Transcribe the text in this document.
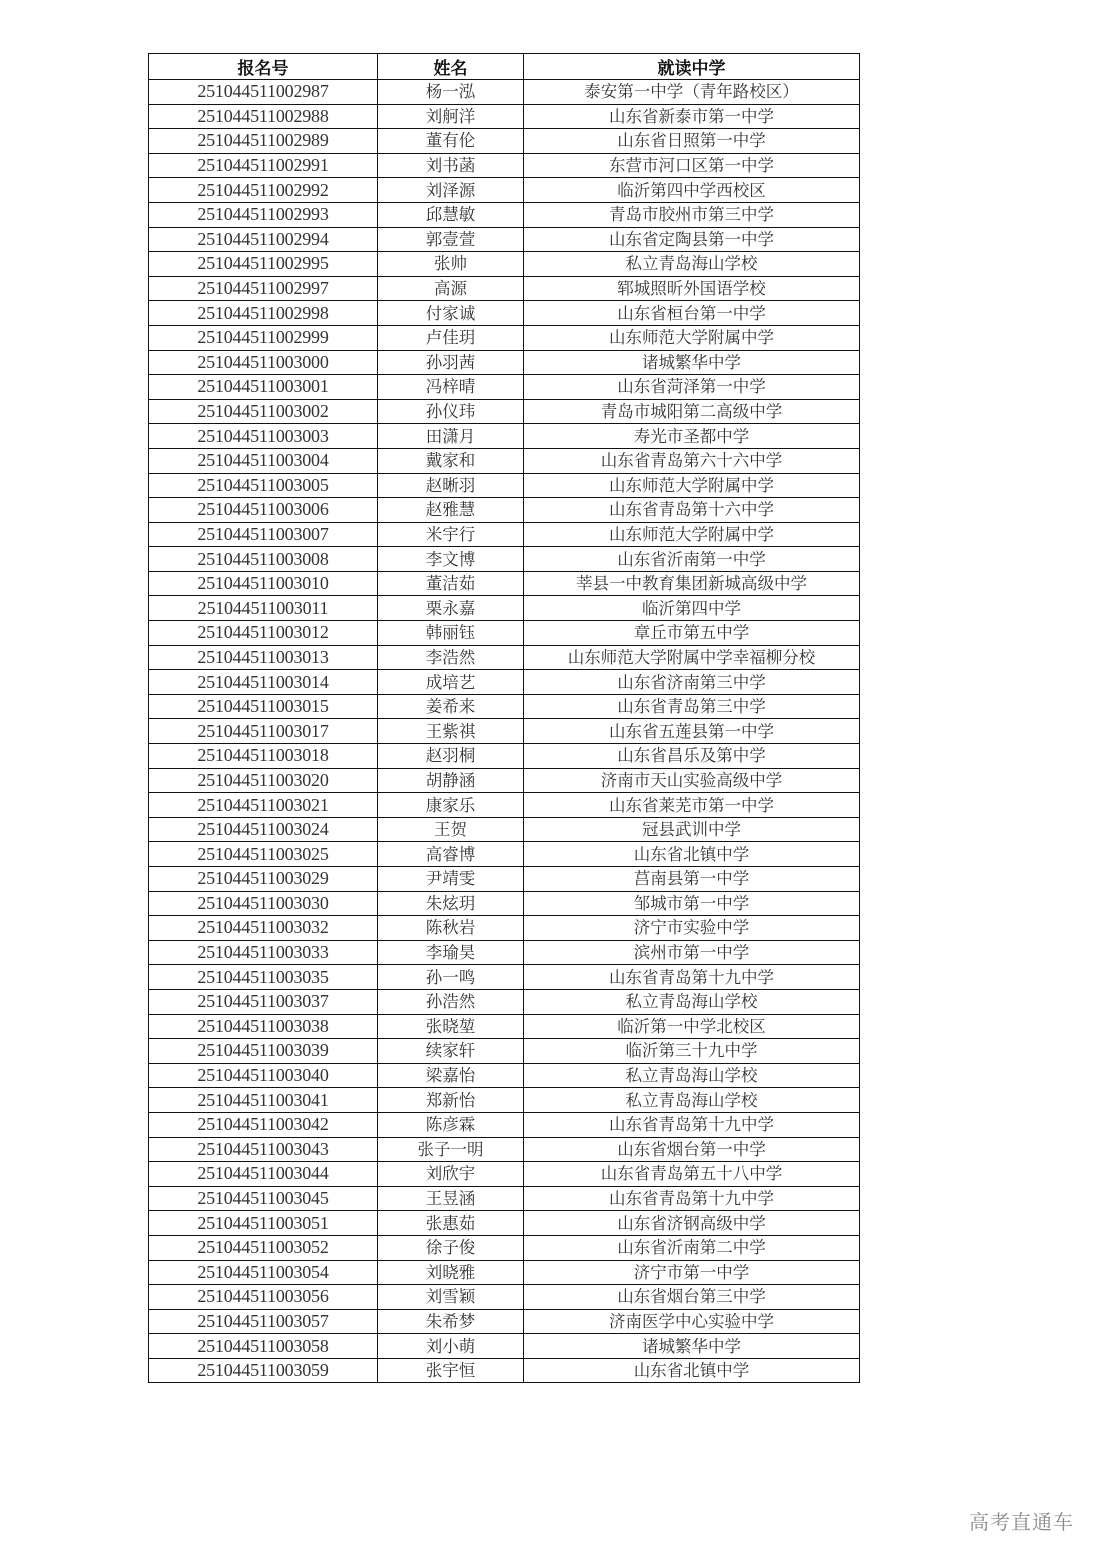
报名号	姓名	就读中学
251044511002987	杨一泓	泰安第一中学（青年路校区）
251044511002988	刘舸洋	山东省新泰市第一中学
251044511002989	董有伦	山东省日照第一中学
251044511002991	刘书菡	东营市河口区第一中学
251044511002992	刘泽源	临沂第四中学西校区
251044511002993	邱慧敏	青岛市胶州市第三中学
251044511002994	郭壹萱	山东省定陶县第一中学
251044511002995	张帅	私立青岛海山学校
251044511002997	高源	郓城照昕外国语学校
251044511002998	付家诚	山东省桓台第一中学
251044511002999	卢佳玥	山东师范大学附属中学
251044511003000	孙羽茜	诸城繁华中学
251044511003001	冯梓晴	山东省菏泽第一中学
251044511003002	孙仪玮	青岛市城阳第二高级中学
251044511003003	田潇月	寿光市圣都中学
251044511003004	戴家和	山东省青岛第六十六中学
251044511003005	赵晰羽	山东师范大学附属中学
251044511003006	赵雅慧	山东省青岛第十六中学
251044511003007	米宇行	山东师范大学附属中学
251044511003008	李文博	山东省沂南第一中学
251044511003010	董洁茹	莘县一中教育集团新城高级中学
251044511003011	栗永嘉	临沂第四中学
251044511003012	韩丽钰	章丘市第五中学
251044511003013	李浩然	山东师范大学附属中学幸福柳分校
251044511003014	成培艺	山东省济南第三中学
251044511003015	姜希来	山东省青岛第三中学
251044511003017	王紫祺	山东省五莲县第一中学
251044511003018	赵羽桐	山东省昌乐及第中学
251044511003020	胡静涵	济南市天山实验高级中学
251044511003021	康家乐	山东省莱芜市第一中学
251044511003024	王贺	冠县武训中学
251044511003025	高睿博	山东省北镇中学
251044511003029	尹靖雯	莒南县第一中学
251044511003030	朱炫玥	邹城市第一中学
251044511003032	陈秋岩	济宁市实验中学
251044511003033	李瑜昊	滨州市第一中学
251044511003035	孙一鸣	山东省青岛第十九中学
251044511003037	孙浩然	私立青岛海山学校
251044511003038	张晓堃	临沂第一中学北校区
251044511003039	续家轩	临沂第三十九中学
251044511003040	梁嘉怡	私立青岛海山学校
251044511003041	郑新怡	私立青岛海山学校
251044511003042	陈彦霖	山东省青岛第十九中学
251044511003043	张子一明	山东省烟台第一中学
251044511003044	刘欣宇	山东省青岛第五十八中学
251044511003045	王昱涵	山东省青岛第十九中学
251044511003051	张惠茹	山东省济钢高级中学
251044511003052	徐子俊	山东省沂南第二中学
251044511003054	刘晓雅	济宁市第一中学
251044511003056	刘雪颖	山东省烟台第三中学
251044511003057	朱希梦	济南医学中心实验中学
251044511003058	刘小萌	诸城繁华中学
251044511003059	张宇恒	山东省北镇中学
高考直通车
